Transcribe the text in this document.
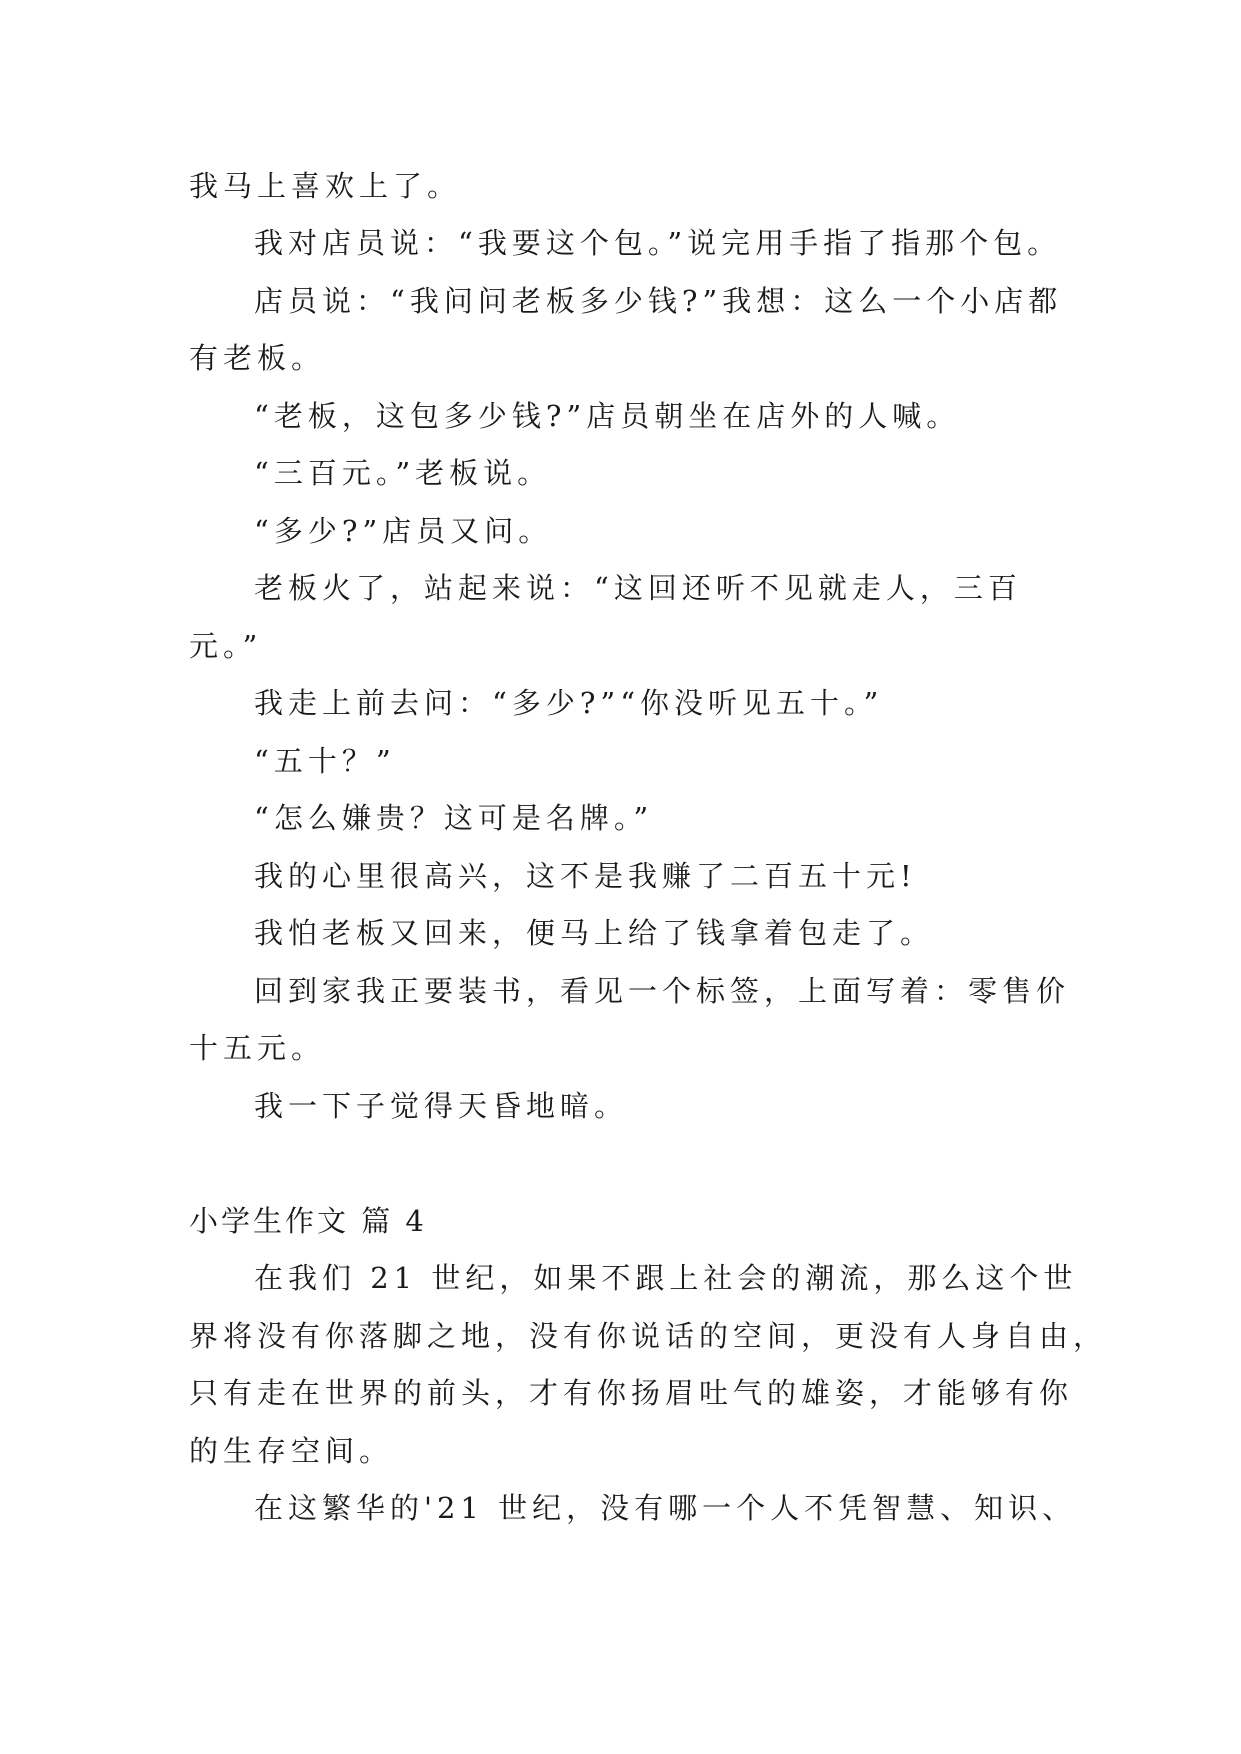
我马上喜欢上了。
我对店员说：“我要这个包。”说完用手指了指那个包。
店员说：“我问问老板多少钱?”我想：这么一个小店都
有老板。
“老板，这包多少钱?”店员朝坐在店外的人喊。
“三百元。”老板说。
“多少?”店员又问。
老板火了，站起来说：“这回还听不见就走人，三百
元。”
我走上前去问：“多少?”“你没听见五十。”
“五十？”
“怎么嫌贵？这可是名牌。”
我的心里很高兴，这不是我赚了二百五十元!
我怕老板又回来，便马上给了钱拿着包走了。
回到家我正要装书，看见一个标签，上面写着：零售价
十五元。
我一下子觉得天昏地暗。
小学生作文 篇 4
在我们 21 世纪，如果不跟上社会的潮流，那么这个世
界将没有你落脚之地，没有你说话的空间，更没有人身自由，
只有走在世界的前头，才有你扬眉吐气的雄姿，才能够有你
的生存空间。
在这繁华的'21 世纪，没有哪一个人不凭智慧、知识、
